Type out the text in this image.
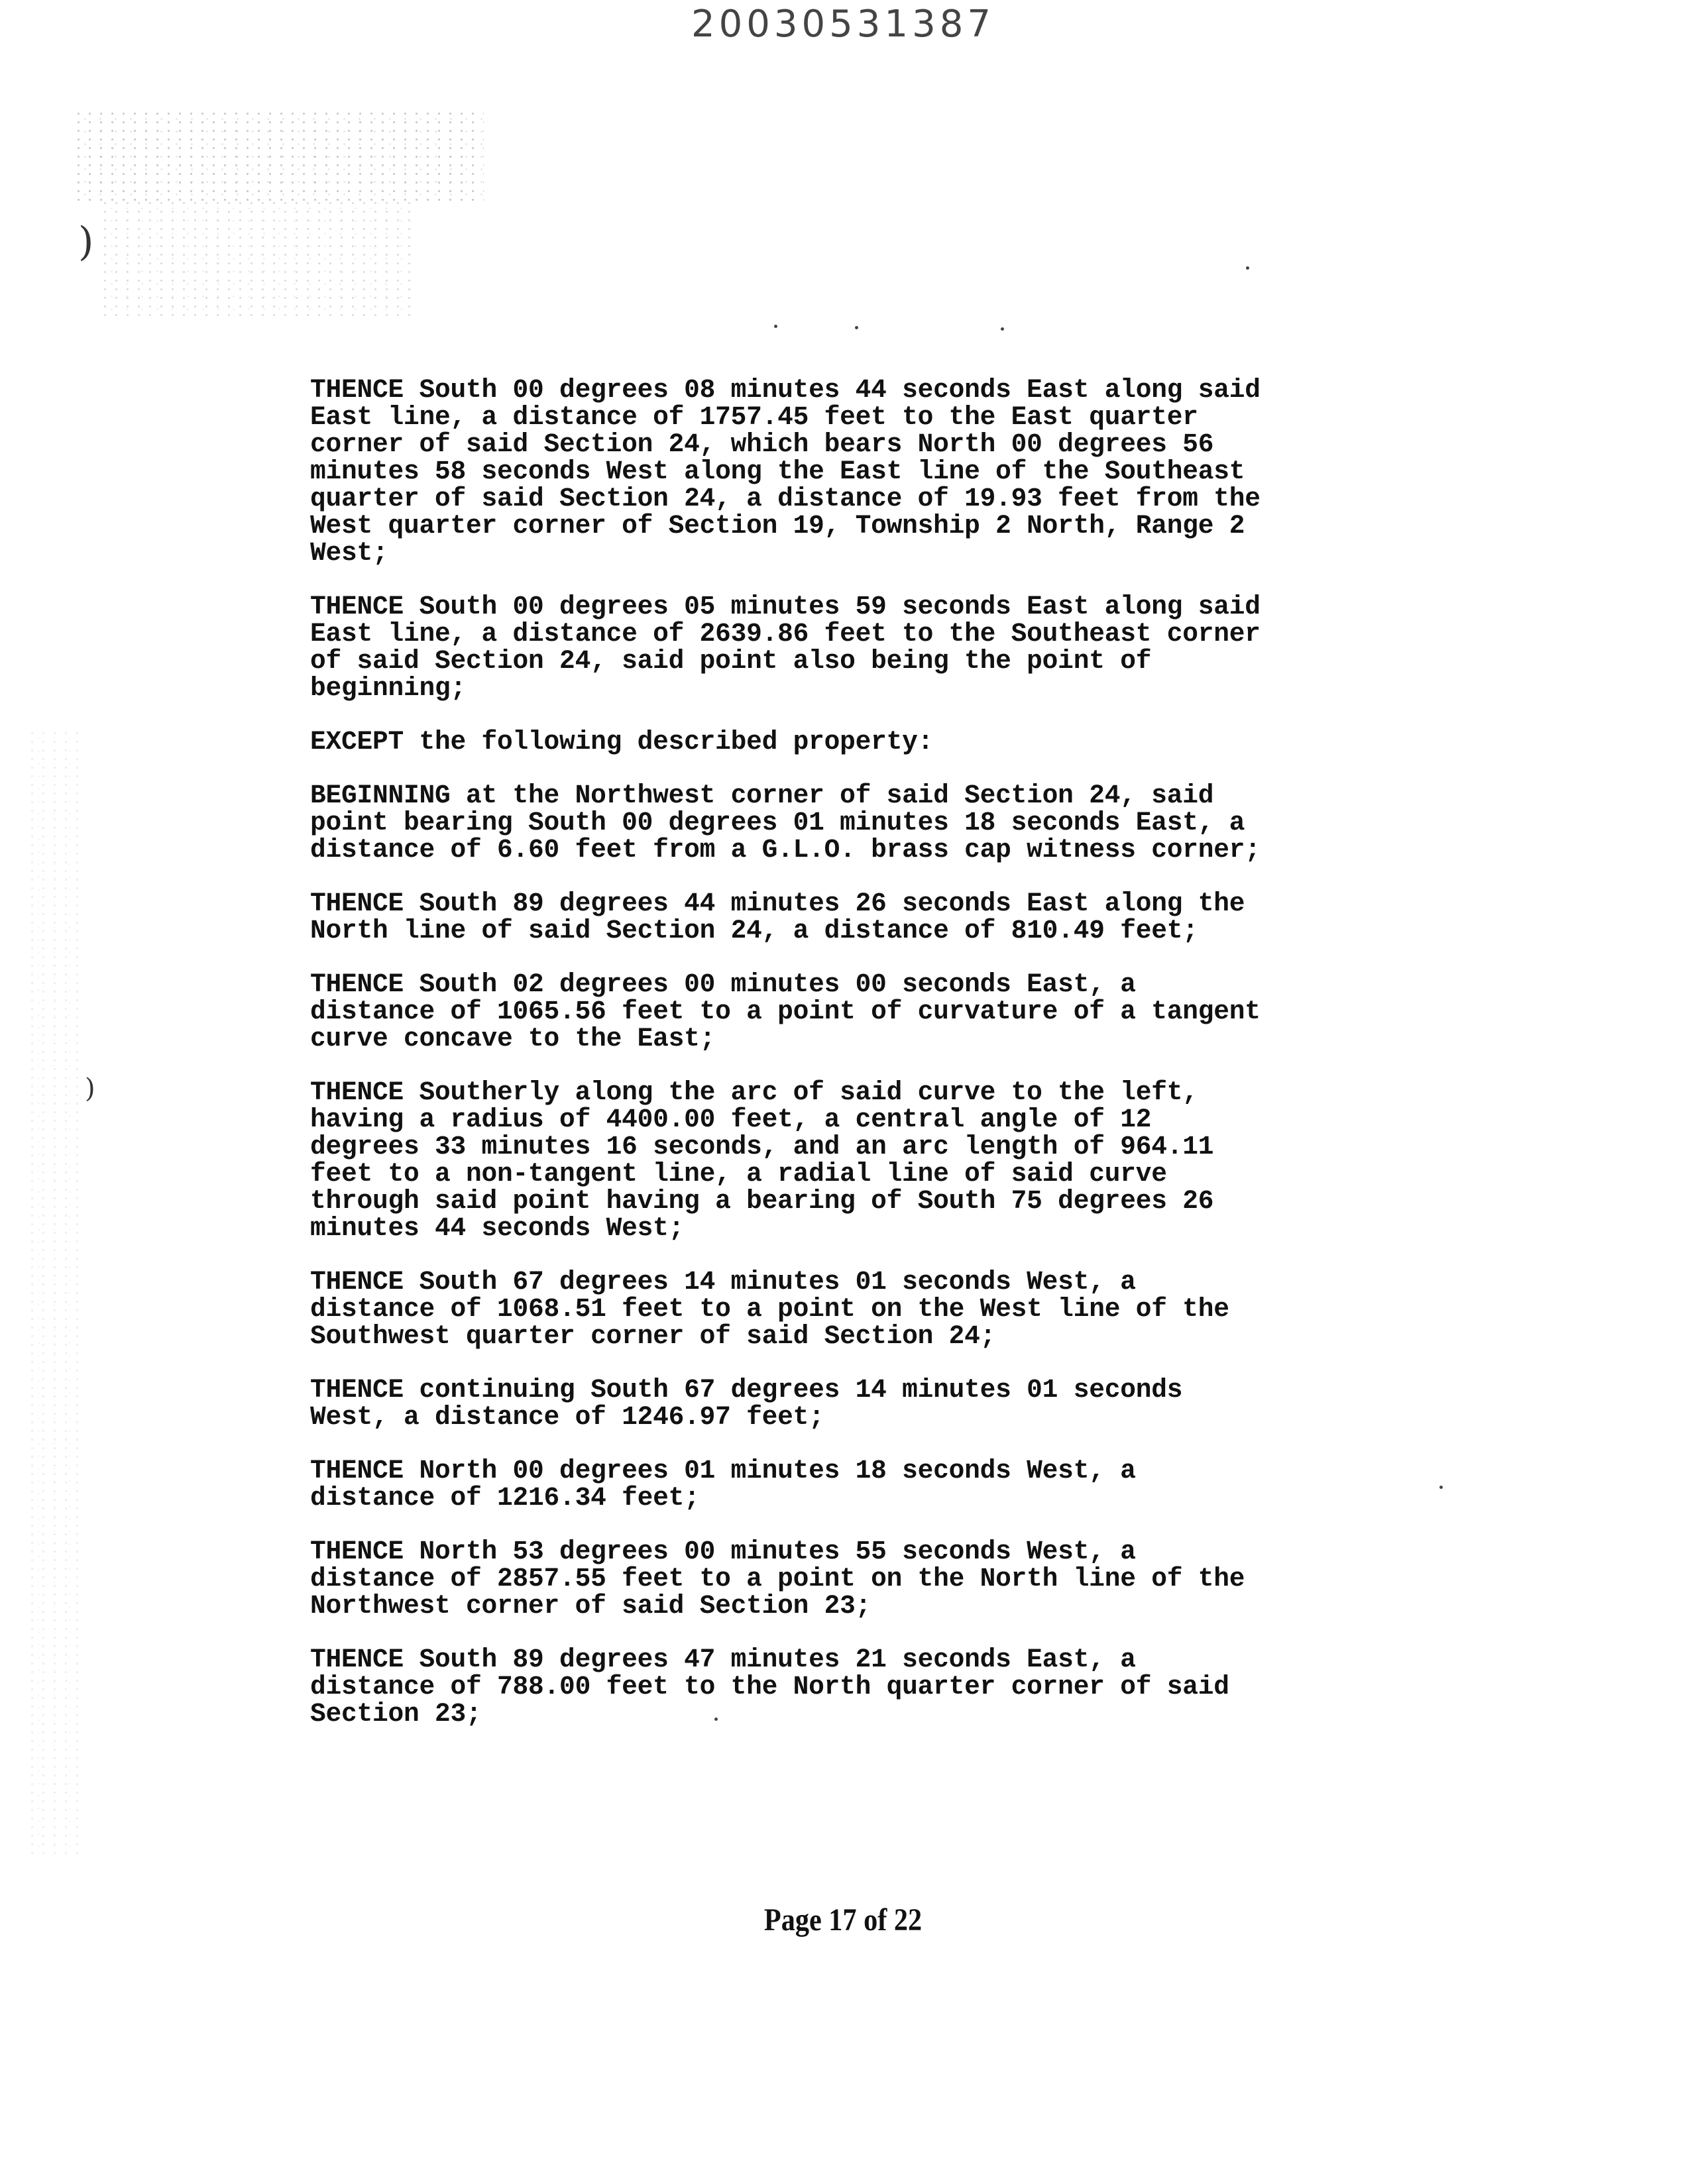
20030531387
)
)
THENCE South 00 degrees 08 minutes 44 seconds East along said
East line, a distance of 1757.45 feet to the East quarter
corner of said Section 24, which bears North 00 degrees 56
minutes 58 seconds West along the East line of the Southeast
quarter of said Section 24, a distance of 19.93 feet from the
West quarter corner of Section 19, Township 2 North, Range 2
West;
THENCE South 00 degrees 05 minutes 59 seconds East along said
East line, a distance of 2639.86 feet to the Southeast corner
of said Section 24, said point also being the point of
beginning;
EXCEPT the following described property:
BEGINNING at the Northwest corner of said Section 24, said
point bearing South 00 degrees 01 minutes 18 seconds East, a
distance of 6.60 feet from a G.L.O. brass cap witness corner;
THENCE South 89 degrees 44 minutes 26 seconds East along the
North line of said Section 24, a distance of 810.49 feet;
THENCE South 02 degrees 00 minutes 00 seconds East, a
distance of 1065.56 feet to a point of curvature of a tangent
curve concave to the East;
THENCE Southerly along the arc of said curve to the left,
having a radius of 4400.00 feet, a central angle of 12
degrees 33 minutes 16 seconds, and an arc length of 964.11
feet to a non-tangent line, a radial line of said curve
through said point having a bearing of South 75 degrees 26
minutes 44 seconds West;
THENCE South 67 degrees 14 minutes 01 seconds West, a
distance of 1068.51 feet to a point on the West line of the
Southwest quarter corner of said Section 24;
THENCE continuing South 67 degrees 14 minutes 01 seconds
West, a distance of 1246.97 feet;
THENCE North 00 degrees 01 minutes 18 seconds West, a
distance of 1216.34 feet;
THENCE North 53 degrees 00 minutes 55 seconds West, a
distance of 2857.55 feet to a point on the North line of the
Northwest corner of said Section 23;
THENCE South 89 degrees 47 minutes 21 seconds East, a
distance of 788.00 feet to the North quarter corner of said
Section 23;
Page 17 of 22
